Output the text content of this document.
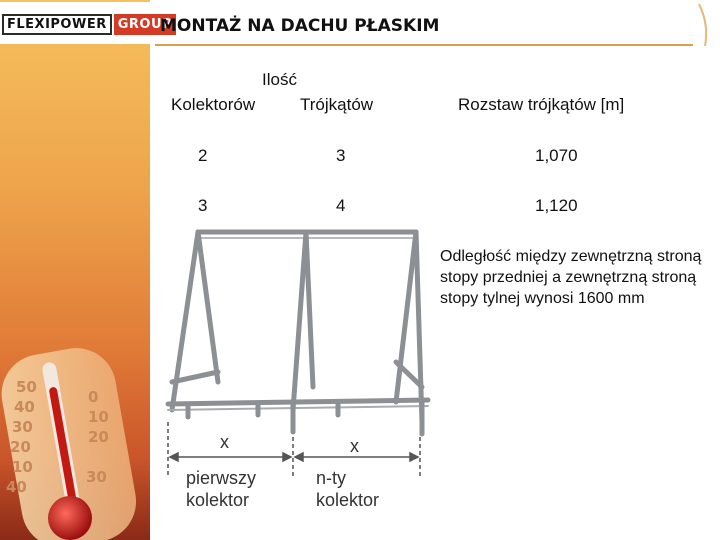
FLEXIPOWER GROUP
50
40
30
20
10
0
10
20
30
40
MONTAŻ NA DACHU PŁASKIM
Ilość
Kolektorów	Trójkątów	Rozstaw trójkątów [m]
2	3	1,070
3	4	1,120
Odległość między zewnętrzną stroną stopy przedniej a zewnętrzną stroną stopy tylnej wynosi 1600 mm
x	x
pierwszy
kolektor
n-ty
kolektor
